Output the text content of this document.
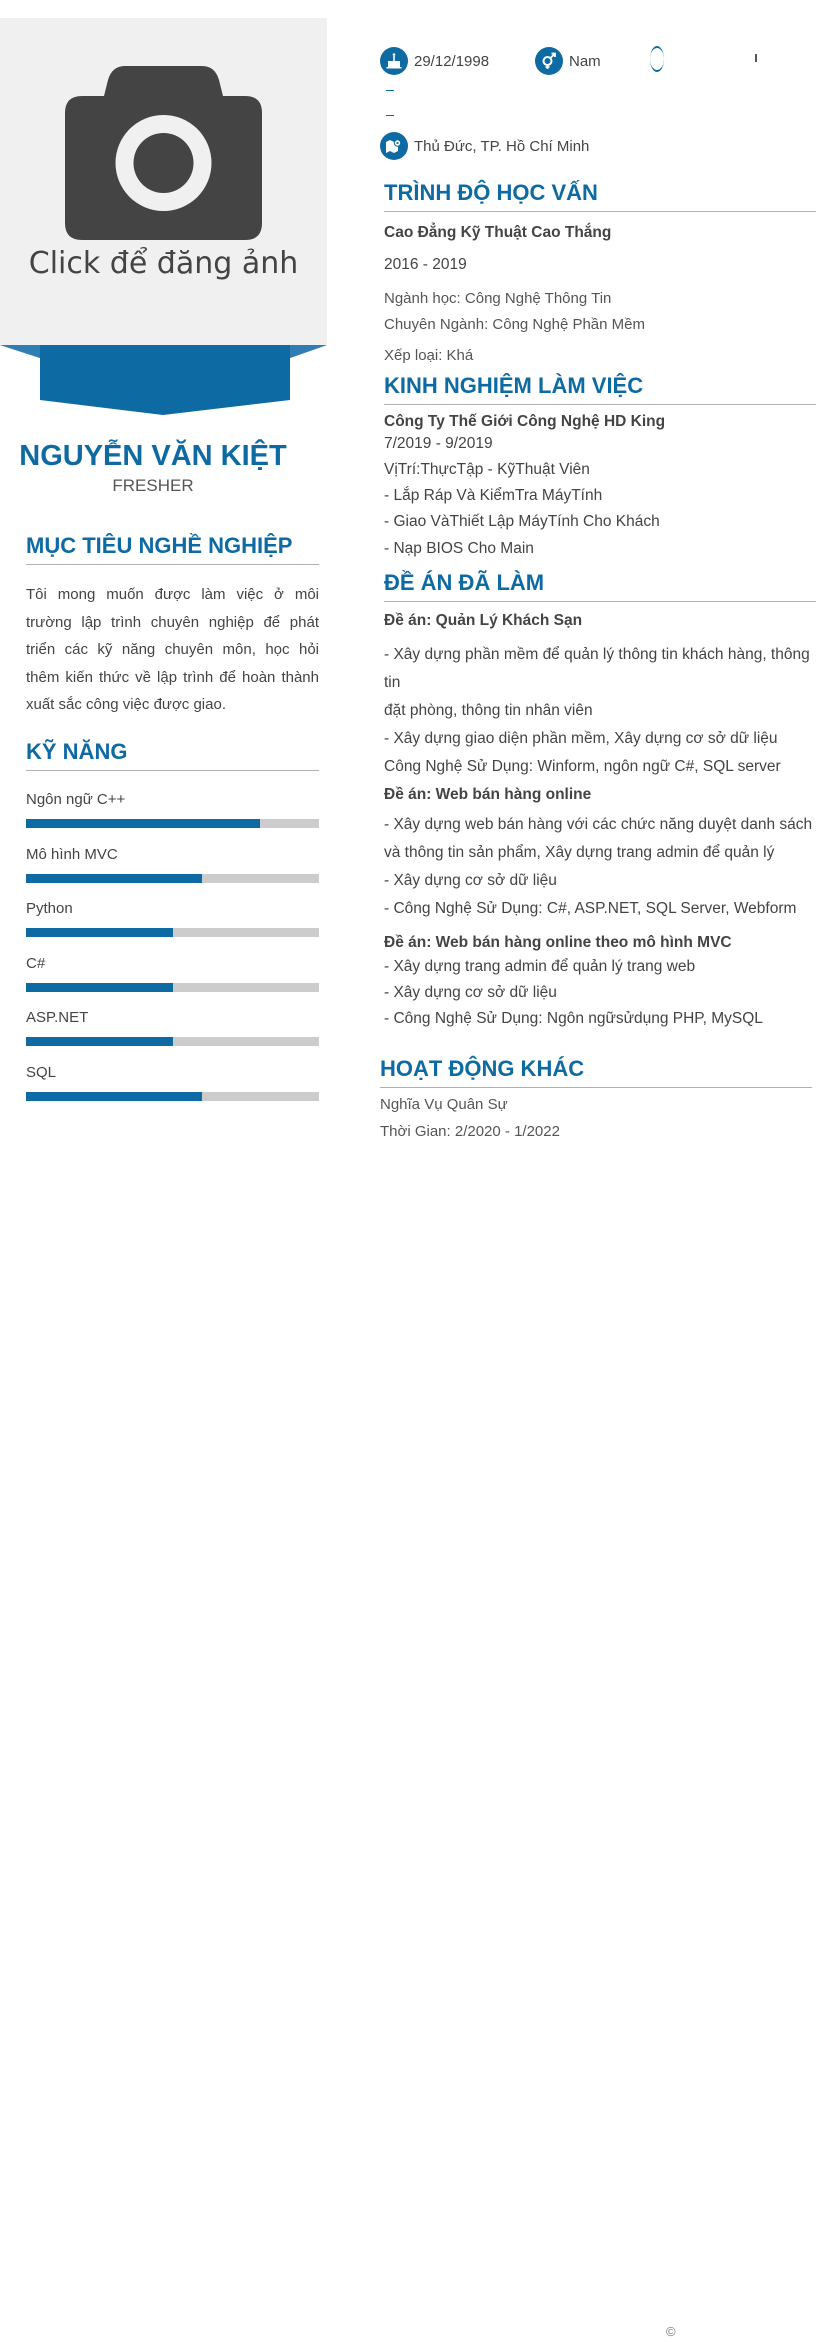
Click để đăng ảnh
NGUYỄN VĂN KIỆT
FRESHER
MỤC TIÊU NGHỀ NGHIỆP

Tôi mong muốn được làm việc ở môi trường lập trình chuyên nghiệp để phát triển các kỹ năng chuyên môn, học hỏi thêm kiến thức về lập trình để hoàn thành xuất sắc công việc được giao.

KỸ NĂNG
Ngôn ngữ C++
Mô hình MVC
Python
C#
ASP.NET
SQL
29/12/1998	Nam
Thủ Đức, TP. Hồ Chí Minh
TRÌNH ĐỘ HỌC VẤN
Cao Đẳng Kỹ Thuật Cao Thắng
2016 - 2019
Ngành học: Công Nghệ Thông Tin
Chuyên Ngành: Công Nghệ Phần Mềm
Xếp loại: Khá
KINH NGHIỆM LÀM VIỆC
Công Ty Thế Giới Công Nghệ HD King
7/2019 - 9/2019
VịTrí:ThựcTập - KỹThuật Viên
- Lắp Ráp Và KiểmTra MáyTính
- Giao VàThiết Lập MáyTính Cho Khách
- Nạp BIOS Cho Main
ĐỀ ÁN ĐÃ LÀM
Đề án: Quản Lý Khách Sạn
- Xây dựng phần mềm để quản lý thông tin khách hàng, thông
tin
đặt phòng, thông tin nhân viên
- Xây dựng giao diện phần mềm, Xây dựng cơ sở dữ liệu
Công Nghệ Sử Dụng: Winform, ngôn ngữ C#, SQL server
Đề án: Web bán hàng online
- Xây dựng web bán hàng với các chức năng duyệt danh sách
và thông tin sản phẩm, Xây dựng trang admin để quản lý
- Xây dựng cơ sở dữ liệu
- Công Nghệ Sử Dụng: C#, ASP.NET, SQL Server, Webform
Đề án: Web bán hàng online theo mô hình MVC
- Xây dựng trang admin để quản lý trang web
- Xây dựng cơ sở dữ liệu
- Công Nghệ Sử Dụng: Ngôn ngữsửdụng PHP, MySQL
HOẠT ĐỘNG KHÁC
Nghĩa Vụ Quân Sự
Thời Gian: 2/2020 - 1/2022
©
